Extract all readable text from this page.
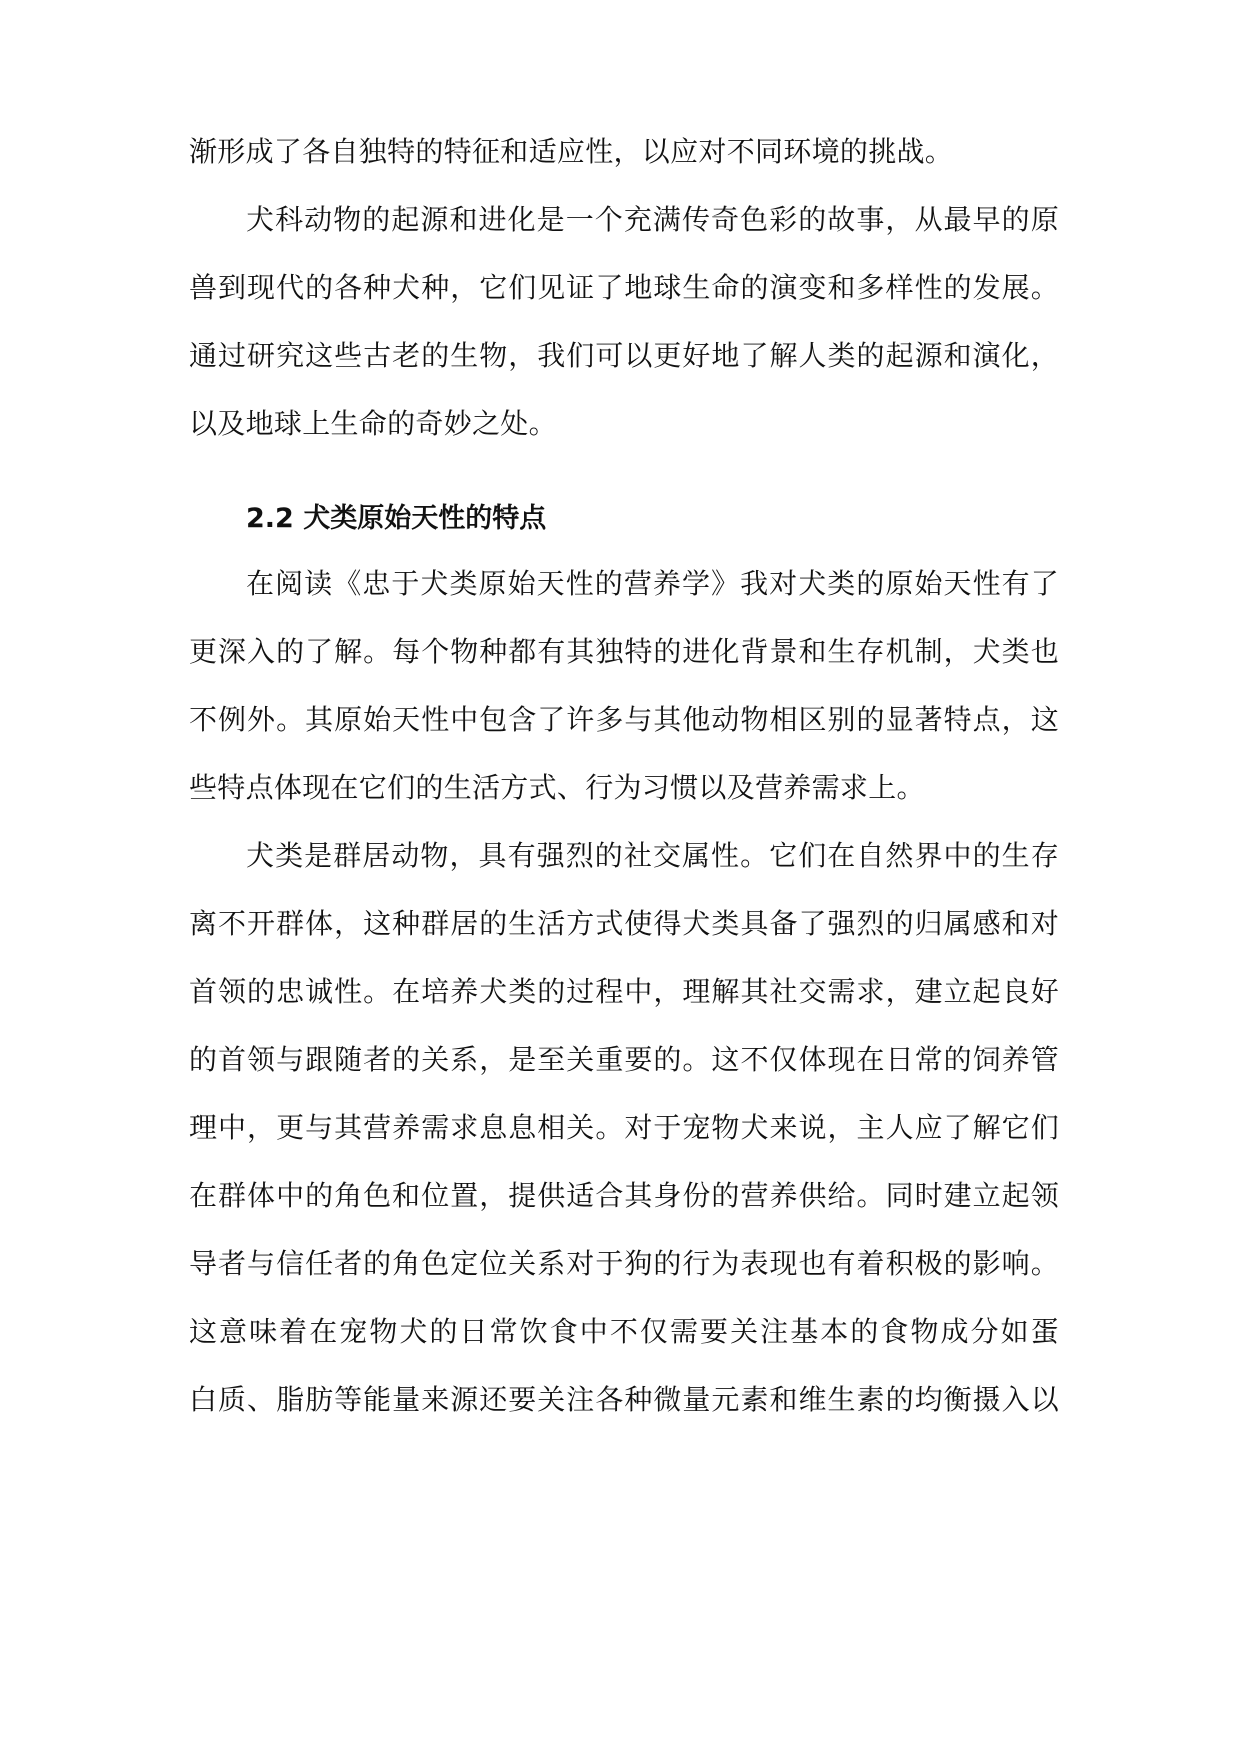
渐形成了各自独特的特征和适应性，以应对不同环境的挑战。
犬科动物的起源和进化是一个充满传奇色彩的故事，从最早的原
兽到现代的各种犬种，它们见证了地球生命的演变和多样性的发展。
通过研究这些古老的生物，我们可以更好地了解人类的起源和演化，
以及地球上生命的奇妙之处。
2.2 犬类原始天性的特点
在阅读《忠于犬类原始天性的营养学》我对犬类的原始天性有了
更深入的了解。每个物种都有其独特的进化背景和生存机制，犬类也
不例外。其原始天性中包含了许多与其他动物相区别的显著特点，这
些特点体现在它们的生活方式、行为习惯以及营养需求上。
犬类是群居动物，具有强烈的社交属性。它们在自然界中的生存
离不开群体，这种群居的生活方式使得犬类具备了强烈的归属感和对
首领的忠诚性。在培养犬类的过程中，理解其社交需求，建立起良好
的首领与跟随者的关系，是至关重要的。这不仅体现在日常的饲养管
理中，更与其营养需求息息相关。对于宠物犬来说，主人应了解它们
在群体中的角色和位置，提供适合其身份的营养供给。同时建立起领
导者与信任者的角色定位关系对于狗的行为表现也有着积极的影响。
这意味着在宠物犬的日常饮食中不仅需要关注基本的食物成分如蛋
白质、脂肪等能量来源还要关注各种微量元素和维生素的均衡摄入以
